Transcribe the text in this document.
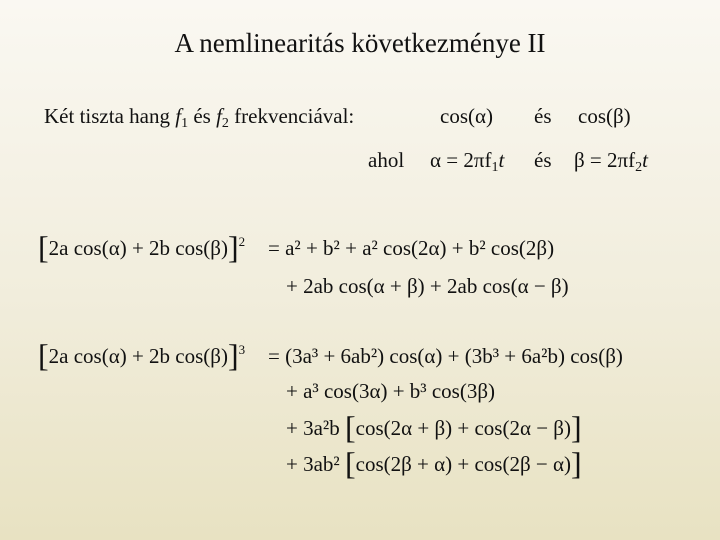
A nemlinearitás következménye II
Két tiszta hang $f_1$ és $f_2$ frekvenciával:	cos(α) és cos(β)
ahol $\alpha = 2\pi f_1t$ és $\beta = 2\pi f_2t$
[2a cos(α) + 2b cos(β)]$^2$ = a² + b² + a² cos(2α) + b² cos(2β)
+ 2ab cos(α + β) + 2ab cos(α − β)
[2a cos(α) + 2b cos(β)]$^3$ = (3a³ + 6ab²) cos(α) + (3b³ + 6a²b) cos(β)
+ a³ cos(3α) + b³ cos(3β)
+ 3a²b [cos(2α + β) + cos(2α − β)]
+ 3ab² [cos(2β + α) + cos(2β − α)]
